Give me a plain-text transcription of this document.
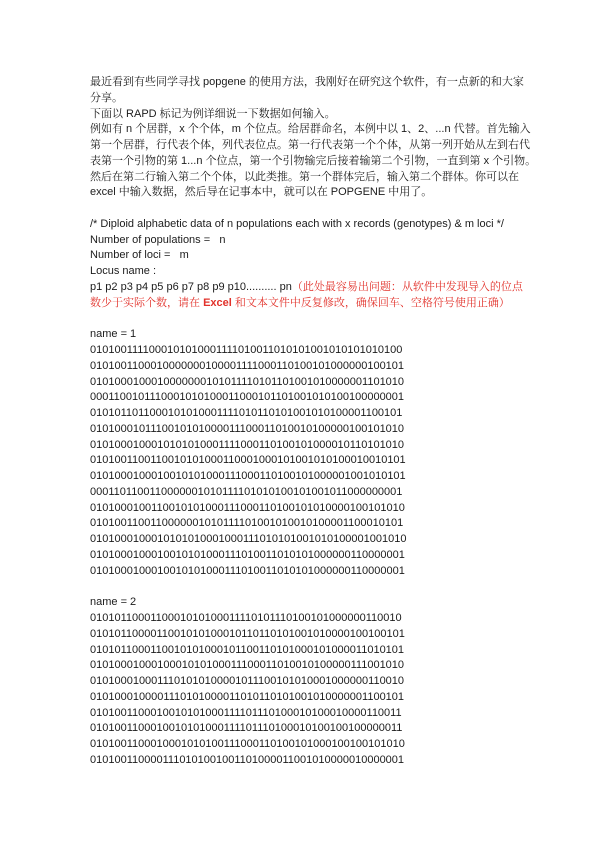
最近看到有些同学寻找 popgene 的使用方法，我刚好在研究这个软件，有一点新的和大家
分享。
下面以 RAPD 标记为例详细说一下数据如何输入。
例如有 n 个居群，x 个个体，m 个位点。给居群命名，本例中以 1、2、...n 代替。首先输入
第一个居群，行代表个体，列代表位点。第一行代表第一个个体，从第一列开始从左到右代
表第一个引物的第 1...n 个位点，第一个引物输完后接着输第二个引物，一直到第 x 个引物。
然后在第二行输入第二个个体，以此类推。第一个群体完后，输入第二个群体。你可以在
excel 中输入数据，然后导在记事本中，就可以在 POPGENE 中用了。
/* Diploid alphabetic data of n populations each with x records (genotypes) & m loci */
Number of populations =   n
Number of loci =   m
Locus name :
p1 p2 p3 p4 p5 p6 p7 p8 p9 p10.......... pn（此处最容易出问题：从软件中发现导入的位点
数少于实际个数，请在 Excel 和文本文件中反复修改，确保回车、空格符号使用正确）
name = 1
0101001111000101010001111010011010101001010101010100
0101001100010000000100001111000110100101000000100101
0101000100010000000101011110101101001010000001101010
0001100101110001010100011000101101001010100100000001
0101011011000101010001111010110101001010100001100101
0101000101110010101000011100011010010100000100101010
0101000100010101010001111000110100101000010110101010
0101001100110010101000110001000101001010100010010101
0101000100010010101000111000110100101000001001010101
0001101100110000001010111101010100101001011000000001
0101000100110010101000111000110100101010000100101010
0101001100110000001010111101001010010100001100010101
0101000100010101010001000111010101001010100001001010
0101000100010010101000111010011010101000000110000001
0101000100010010101000111010011010101000000110000001
name = 2
0101011000110001010100011110101110100101000000110010
0101011000011001010100010110110101001010000100100101
0101011000110010101000101100110101000101000011010101
0101000100010001010100011100011010010100000111001010
0101000100011101010100001011100101010001000000110010
0101000100001110101000011010110101001010000001100101
0101001100010010101000111101110100010100010000110011
0101001100010010101000111101110100010100100100000011
0101001100010001010100111000110100101000100100101010
0101001100001110101001001101000011001010000010000001
